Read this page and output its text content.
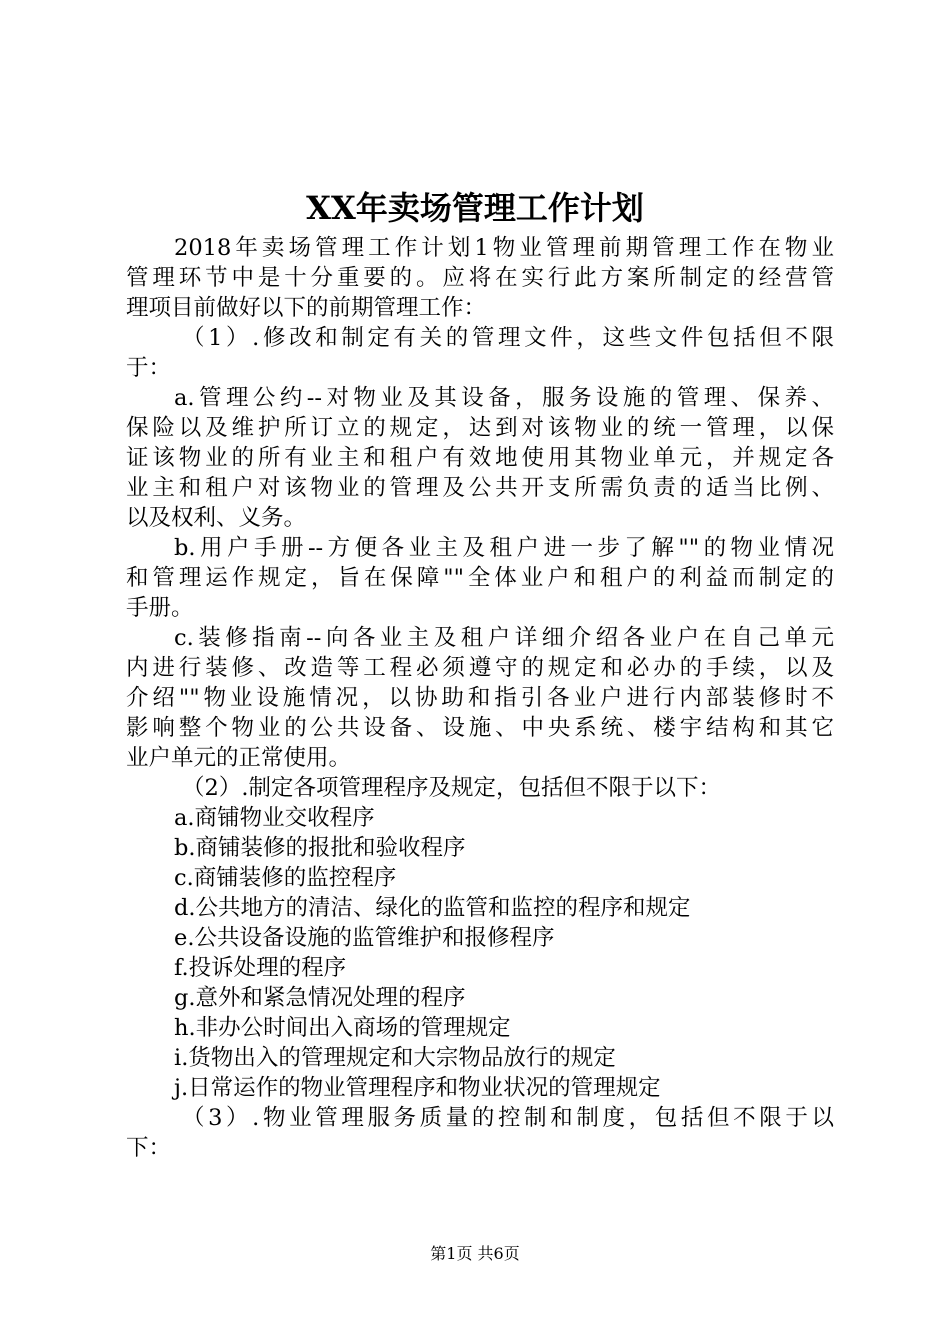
XX年卖场管理工作计划
2018年卖场管理工作计划1物业管理前期管理工作在物业
管理环节中是十分重要的。应将在实行此方案所制定的经营管
理项目前做好以下的前期管理工作：
（1）.修改和制定有关的管理文件，这些文件包括但不限
于：
a.管理公约--对物业及其设备，服务设施的管理、保养、
保险以及维护所订立的规定，达到对该物业的统一管理，以保
证该物业的所有业主和租户有效地使用其物业单元，并规定各
业主和租户对该物业的管理及公共开支所需负责的适当比例、
以及权利、义务。
b.用户手册--方便各业主及租户进一步了解""的物业情况
和管理运作规定，旨在保障""全体业户和租户的利益而制定的
手册。
c.装修指南--向各业主及租户详细介绍各业户在自己单元
内进行装修、改造等工程必须遵守的规定和必办的手续，以及
介绍""物业设施情况，以协助和指引各业户进行内部装修时不
影响整个物业的公共设备、设施、中央系统、楼宇结构和其它
业户单元的正常使用。
（2）.制定各项管理程序及规定，包括但不限于以下：
a.商铺物业交收程序
b.商铺装修的报批和验收程序
c.商铺装修的监控程序
d.公共地方的清洁、绿化的监管和监控的程序和规定
e.公共设备设施的监管维护和报修程序
f.投诉处理的程序
g.意外和紧急情况处理的程序
h.非办公时间出入商场的管理规定
i.货物出入的管理规定和大宗物品放行的规定
j.日常运作的物业管理程序和物业状况的管理规定
（3）.物业管理服务质量的控制和制度，包括但不限于以
下：
第1页 共6页
